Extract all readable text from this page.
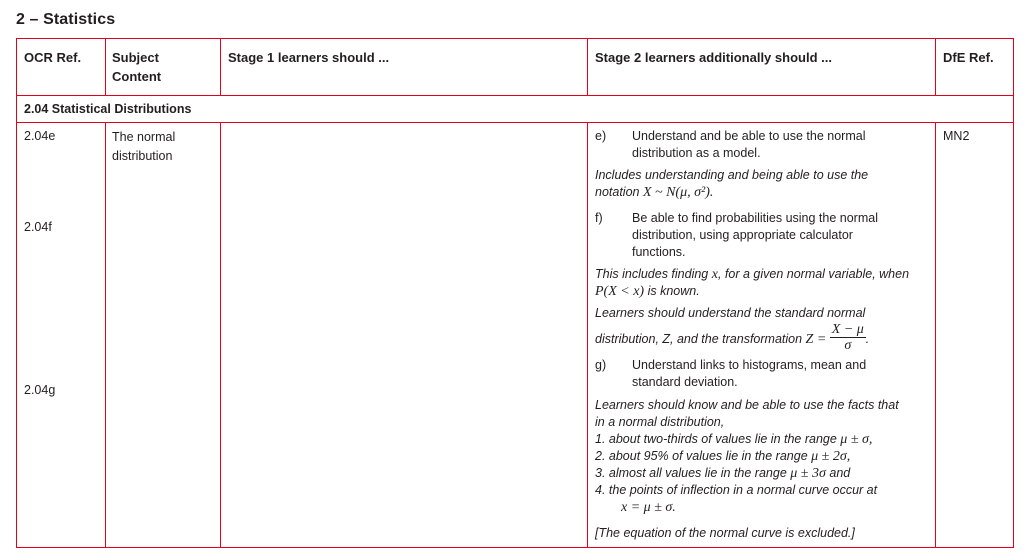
2 – Statistics
OCR Ref. Subject Content
Stage 1 learners should ...	Stage 2 learners additionally should ...	DfE Ref.
2.04 Statistical Distributions
2.04e
2.04f
2.04g
The normal distribution
MN2
e) Understand and be able to use the normal distribution as a model.
Includes understanding and being able to use the notation X ~ N(μ, σ²).
f) Be able to find probabilities using the normal distribution, using appropriate calculator functions.
This includes finding x, for a given normal variable, when P(X < x) is known.
Learners should understand the standard normal
distribution, Z, and the transformation $Z = \frac{X - \mu}{\sigma}$ .
g) Understand links to histograms, mean and standard deviation.
Learners should know and be able to use the facts that
in a normal distribution,
1. about two-thirds of values lie in the range μ ± σ,
2. about 95% of values lie in the range μ ± 2σ,
3. almost all values lie in the range μ ± 3σ and
4. the points of inflection in a normal curve occur at
x = μ ± σ.
[The equation of the normal curve is excluded.]
